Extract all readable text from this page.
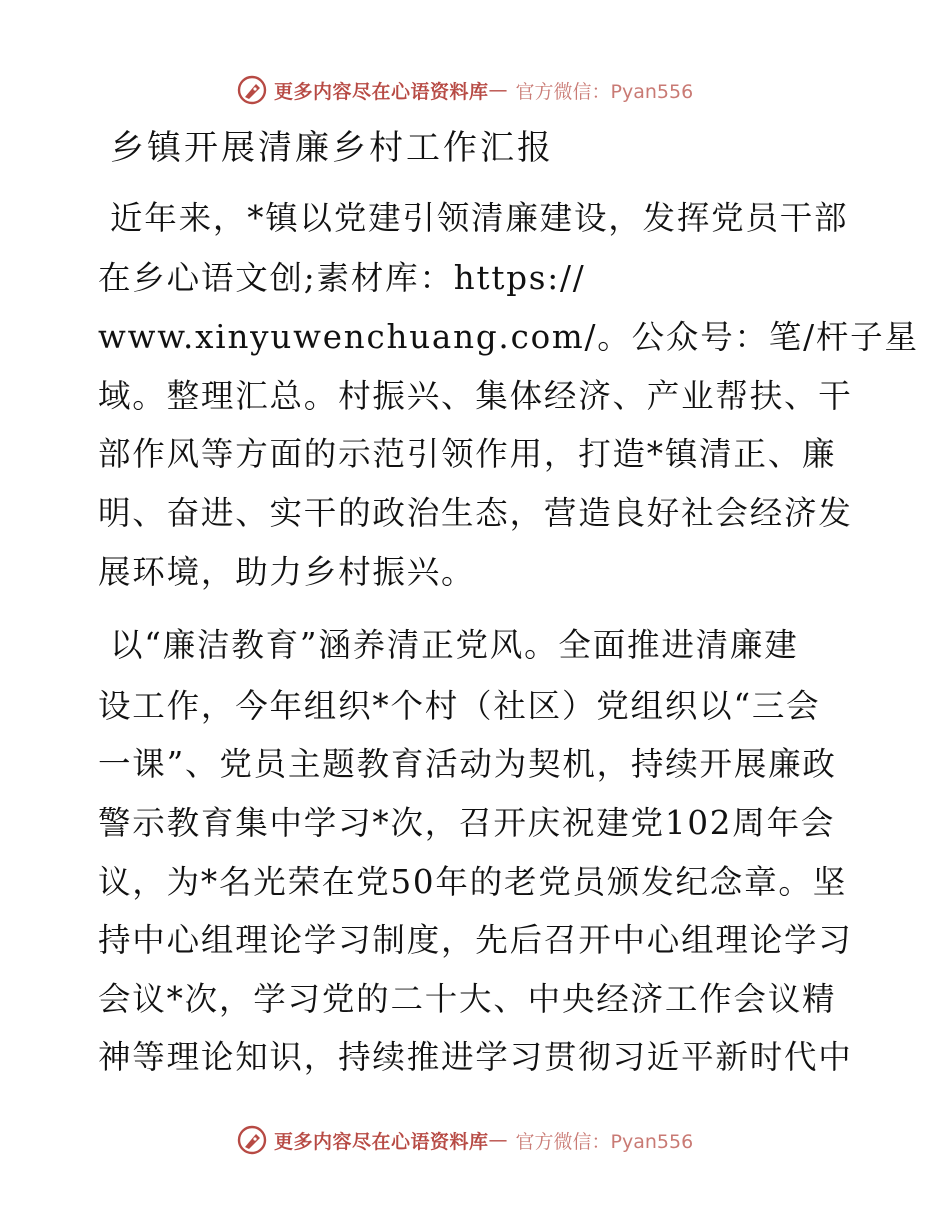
更多内容尽在心语资料库 — 官方微信：Pyan556
乡镇开展清廉乡村工作汇报
近年来，*镇以党建引领清廉建设，发挥党员干部
在乡心语文创;素材库：https://
www.xinyuwenchuang.com/。公众号：笔/杆子星
域。整理汇总。村振兴、集体经济、产业帮扶、干
部作风等方面的示范引领作用，打造*镇清正、廉
明、奋进、实干的政治生态，营造良好社会经济发
展环境，助力乡村振兴。
以“廉洁教育”涵养清正党风。全面推进清廉建
设工作，今年组织*个村（社区）党组织以“三会
一课”、党员主题教育活动为契机，持续开展廉政
警示教育集中学习*次，召开庆祝建党102周年会
议，为*名光荣在党50年的老党员颁发纪念章。坚
持中心组理论学习制度，先后召开中心组理论学习
会议*次，学习党的二十大、中央经济工作会议精
神等理论知识，持续推进学习贯彻习近平新时代中
更多内容尽在心语资料库 — 官方微信：Pyan556
